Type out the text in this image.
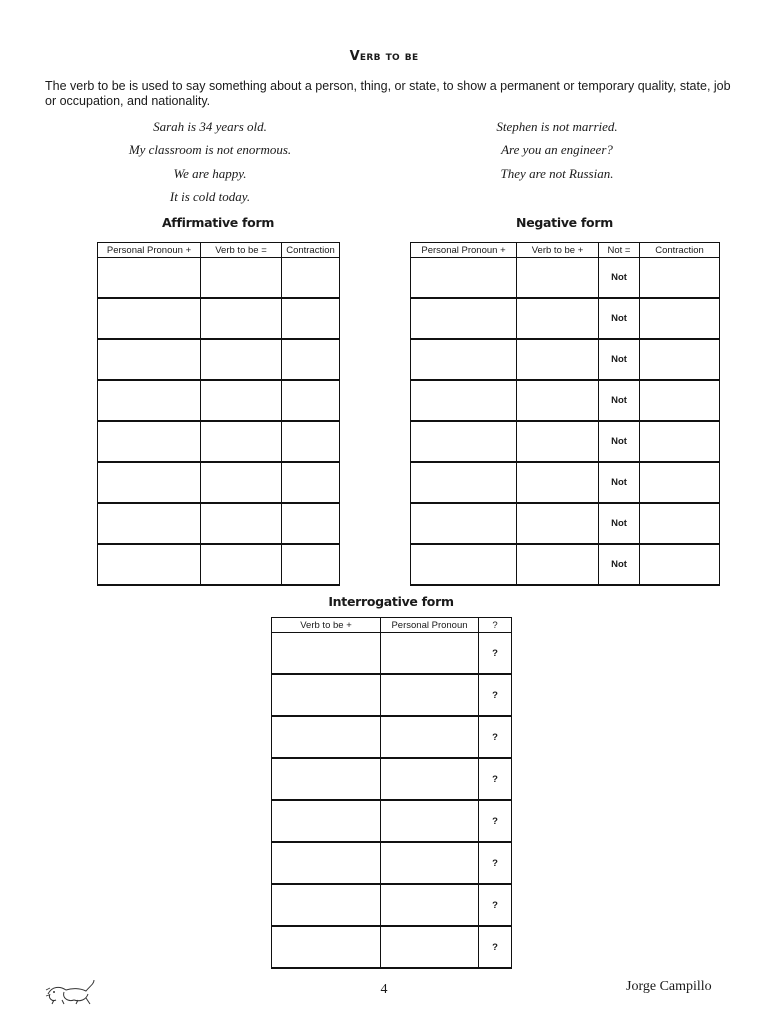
Verb to be
The verb to be is used to say something about a person, thing, or state, to show a permanent or temporary quality, state, job or occupation, and nationality.
Sarah is 34 years old.
My classroom is not enormous.
We are happy.
It is cold today.
Stephen is not married.
Are you an engineer?
They are not Russian.
Affirmative form
Personal Pronoun +	Verb to be =	Contraction

Negative form
Personal Pronoun +	Verb to be +	Not =	Contraction
		Not	
		Not	
		Not	
		Not	
		Not	
		Not	
		Not	
		Not	
Interrogative form
Verb to be +	Personal Pronoun	?
		?
		?
		?
		?
		?
		?
		?
		?
4	Jorge Campillo
